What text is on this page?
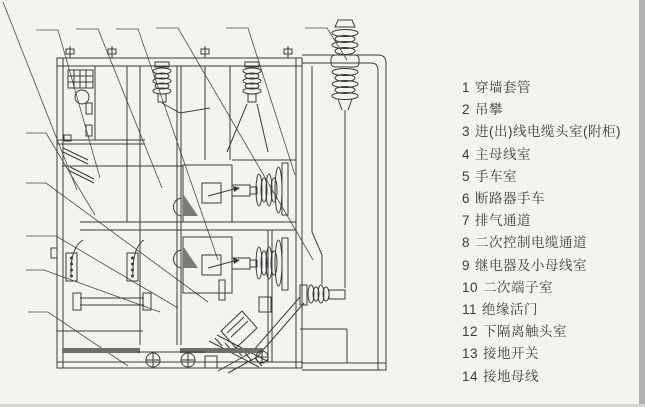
1 穿墙套管
2 吊攀
3 进(出)线电缆头室(附柜)
4 主母线室
5 手车室
6 断路器手车
7 排气通道
8 二次控制电缆通道
9 继电器及小母线室
10 二次端子室
11 绝缘活门
12 下隔离触头室
13 接地开关
14 接地母线
